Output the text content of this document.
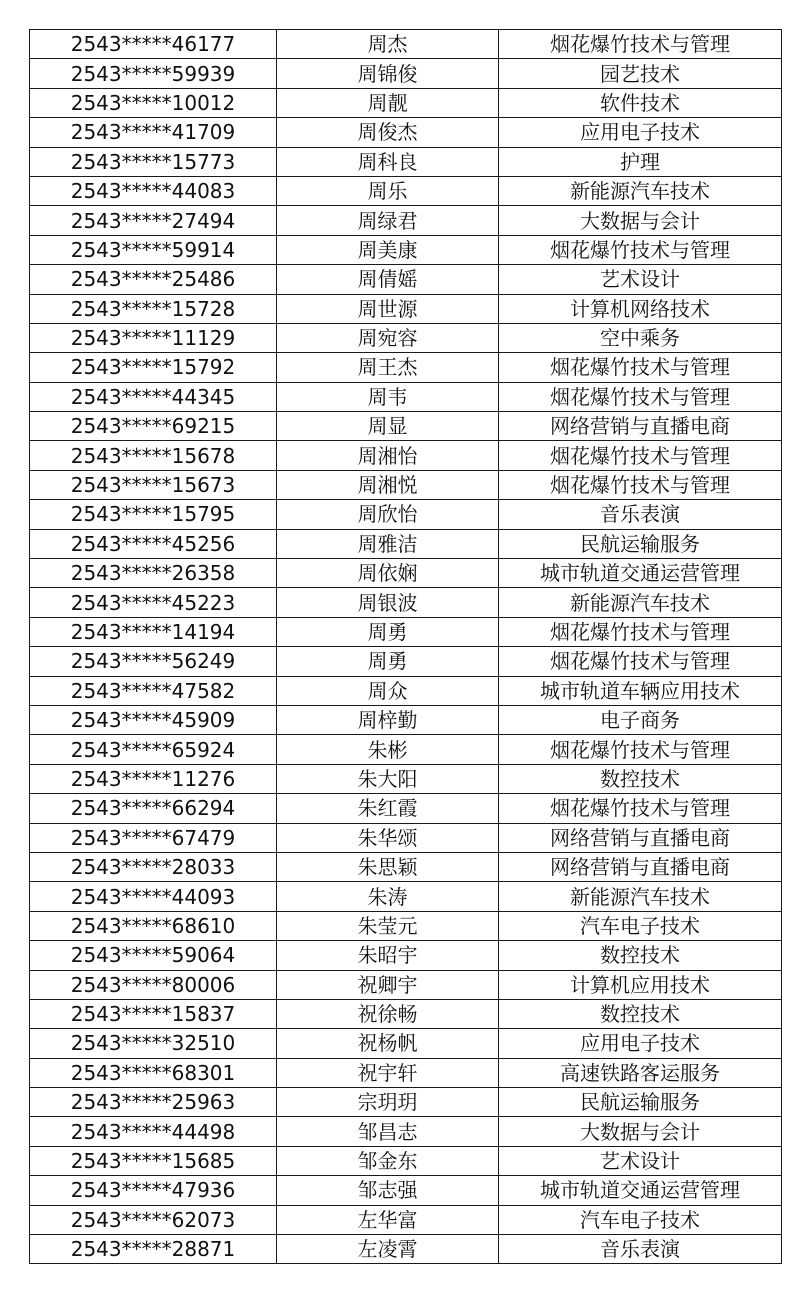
2543*****46177	周杰	烟花爆竹技术与管理
2543*****59939	周锦俊	园艺技术
2543*****10012	周靓	软件技术
2543*****41709	周俊杰	应用电子技术
2543*****15773	周科良	护理
2543*****44083	周乐	新能源汽车技术
2543*****27494	周绿君	大数据与会计
2543*****59914	周美康	烟花爆竹技术与管理
2543*****25486	周倩媱	艺术设计
2543*****15728	周世源	计算机网络技术
2543*****11129	周宛容	空中乘务
2543*****15792	周王杰	烟花爆竹技术与管理
2543*****44345	周韦	烟花爆竹技术与管理
2543*****69215	周显	网络营销与直播电商
2543*****15678	周湘怡	烟花爆竹技术与管理
2543*****15673	周湘悦	烟花爆竹技术与管理
2543*****15795	周欣怡	音乐表演
2543*****45256	周雅洁	民航运输服务
2543*****26358	周依娴	城市轨道交通运营管理
2543*****45223	周银波	新能源汽车技术
2543*****14194	周勇	烟花爆竹技术与管理
2543*****56249	周勇	烟花爆竹技术与管理
2543*****47582	周众	城市轨道车辆应用技术
2543*****45909	周梓勤	电子商务
2543*****65924	朱彬	烟花爆竹技术与管理
2543*****11276	朱大阳	数控技术
2543*****66294	朱红霞	烟花爆竹技术与管理
2543*****67479	朱华颂	网络营销与直播电商
2543*****28033	朱思颖	网络营销与直播电商
2543*****44093	朱涛	新能源汽车技术
2543*****68610	朱莹元	汽车电子技术
2543*****59064	朱昭宇	数控技术
2543*****80006	祝卿宇	计算机应用技术
2543*****15837	祝徐畅	数控技术
2543*****32510	祝杨帆	应用电子技术
2543*****68301	祝宇轩	高速铁路客运服务
2543*****25963	宗玥玥	民航运输服务
2543*****44498	邹昌志	大数据与会计
2543*****15685	邹金东	艺术设计
2543*****47936	邹志强	城市轨道交通运营管理
2543*****62073	左华富	汽车电子技术
2543*****28871	左凌霄	音乐表演
